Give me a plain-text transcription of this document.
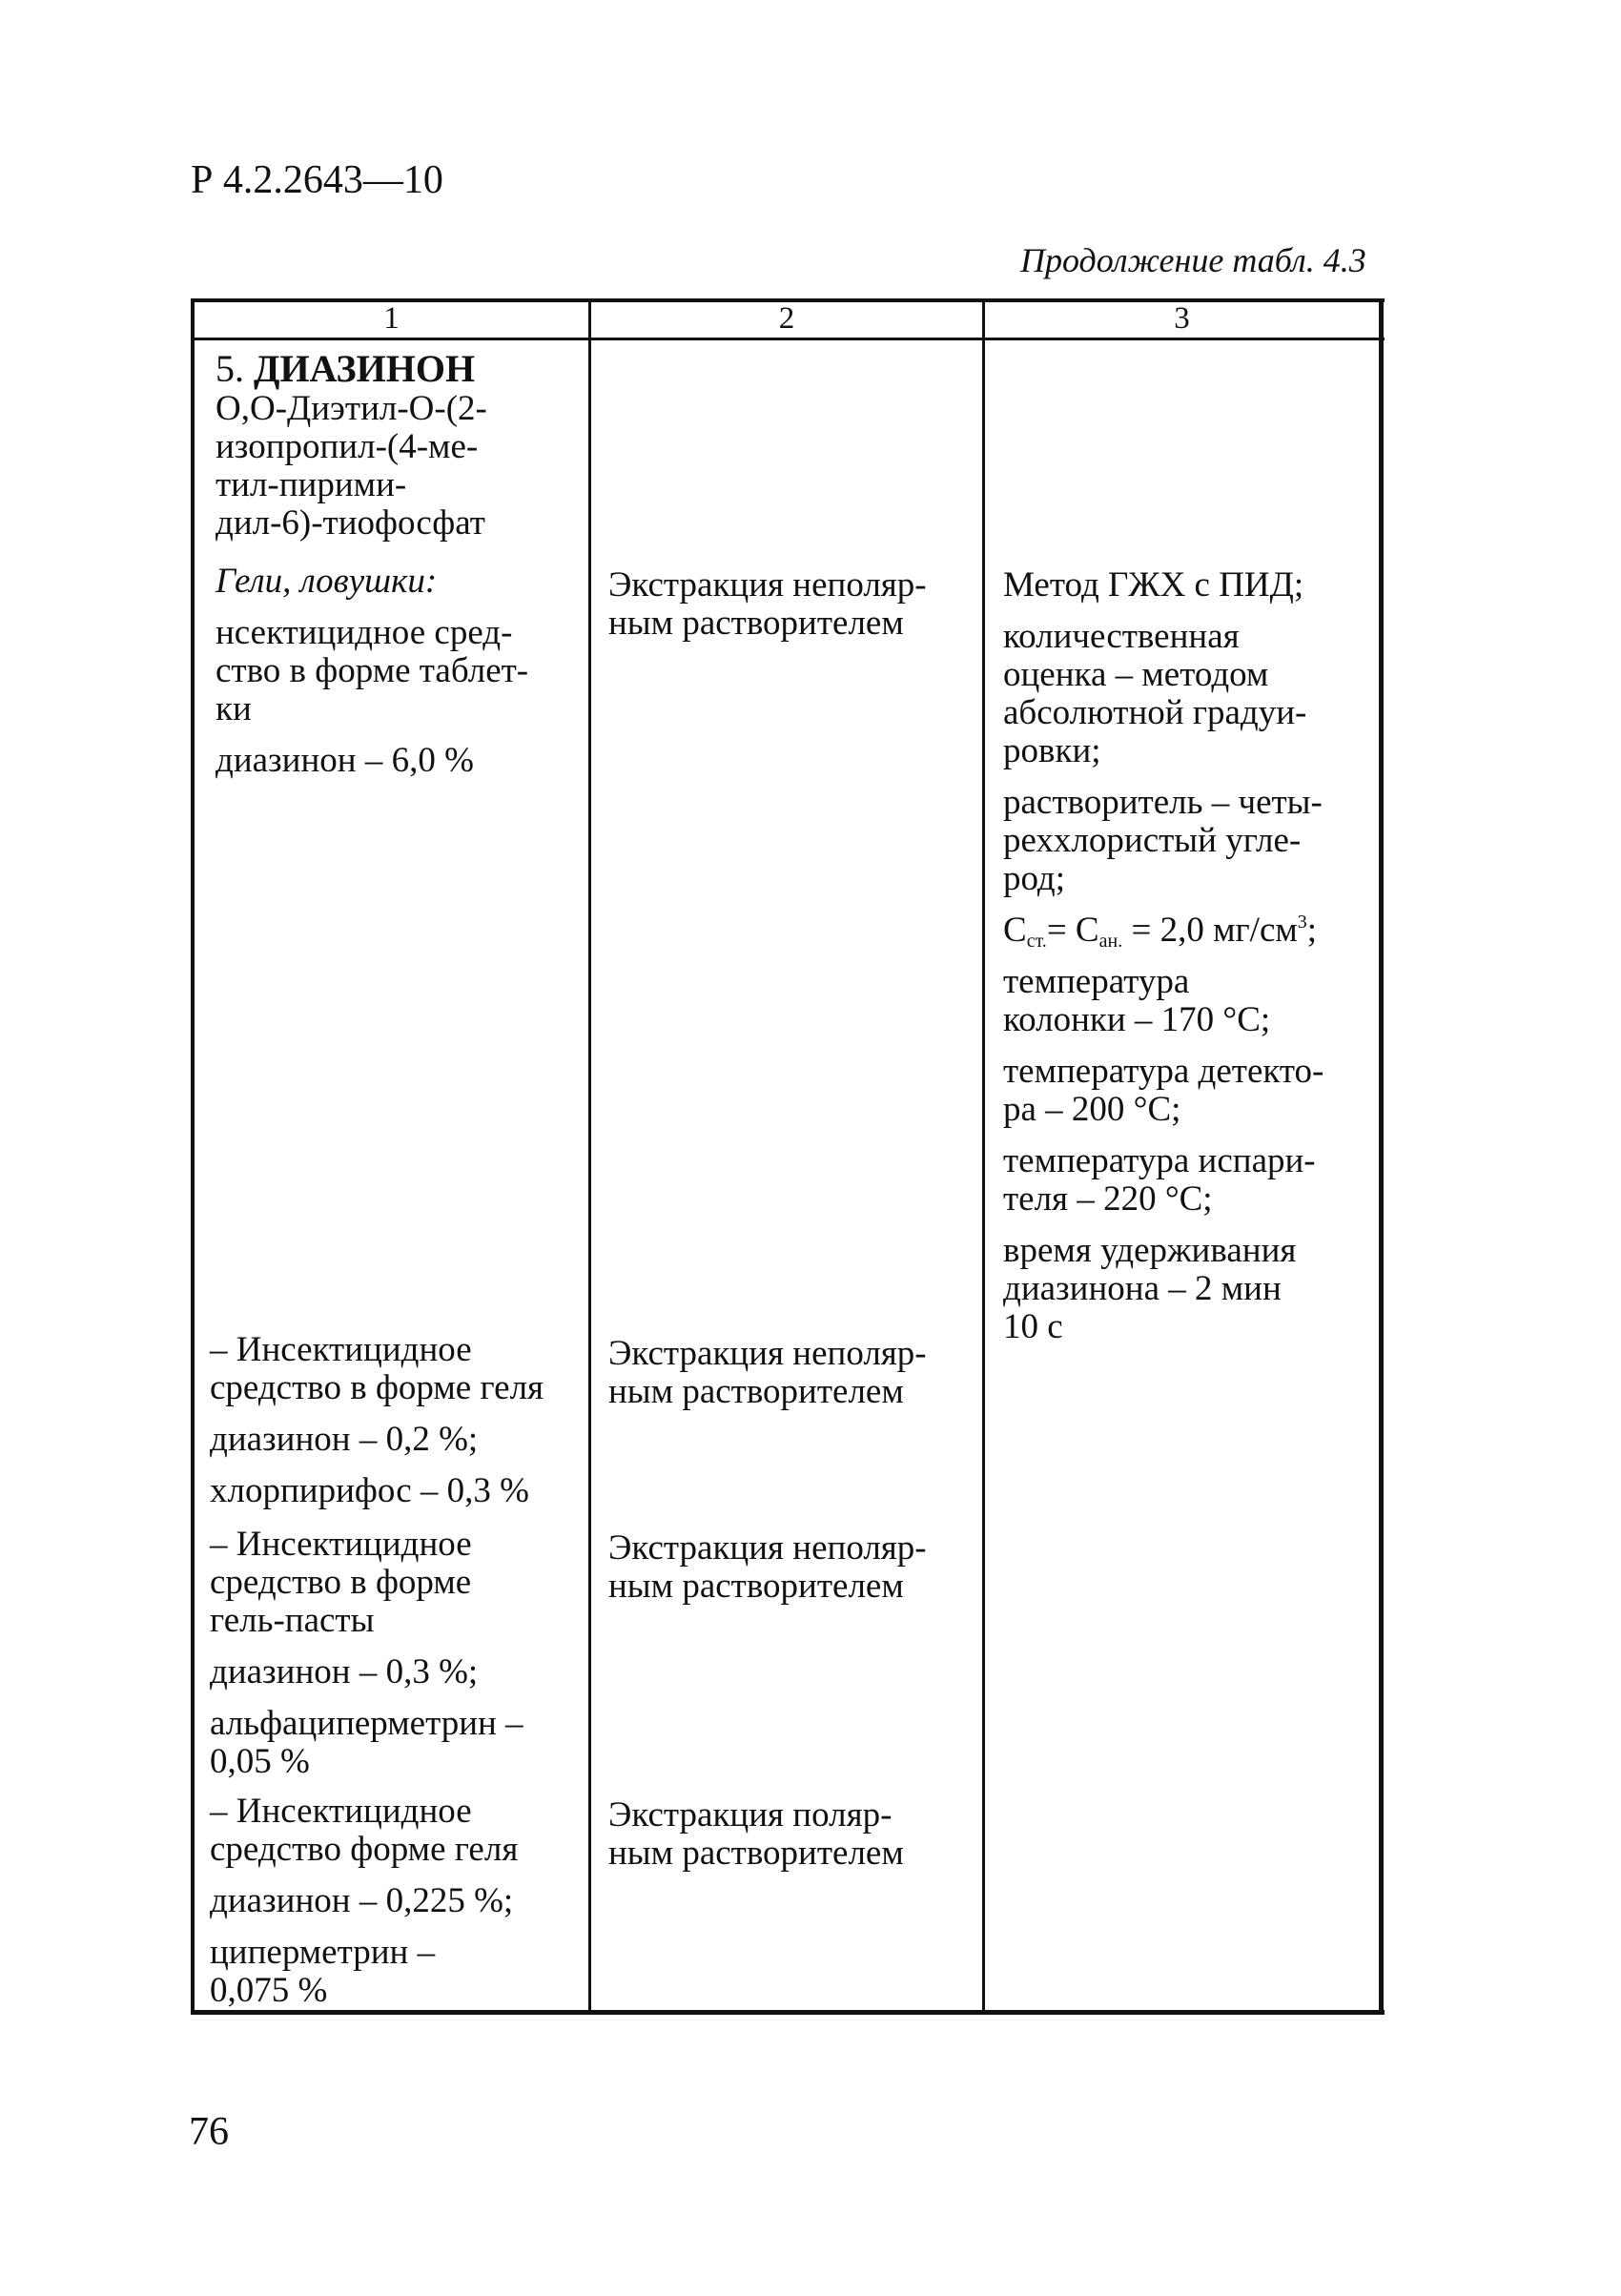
Р 4.2.2643—10
Продолжение табл. 4.3
1	2	3

5. ДИАЗИНОН

О,О-Диэтил-О-(2-

изопропил-(4-ме-

тил-пирими-

дил-6)-тиофосфат

Гели, ловушки:

нсектицидное сред-

ство в форме таблет-

ки

диазинон – 6,0 %

Экстракция неполяр-

ным растворителем

Метод ГЖХ с ПИД;

количественная

оценка – методом

абсолютной градуи-

ровки;

растворитель – четы-

реххлористый угле-

род;

$С_{ст.}= С_{ан.} = 2,0$ $мг/см^3$;

температура

колонки – 170 °С;

температура детекто-

ра – 200 °С;

температура испари-

теля – 220 °С;

время удерживания

диазинона – 2 мин

10 с

– Инсектицидное

средство в форме геля

диазинон – 0,2 %;

хлорпирифос – 0,3 %

Экстракция неполяр-

ным растворителем

– Инсектицидное

средство в форме

гель-пасты

диазинон – 0,3 %;

альфациперметрин –

0,05 %

Экстракция неполяр-

ным растворителем

– Инсектицидное

средство форме геля

диазинон – 0,225 %;

циперметрин –

0,075 %

Экстракция поляр-

ным растворителем

76
